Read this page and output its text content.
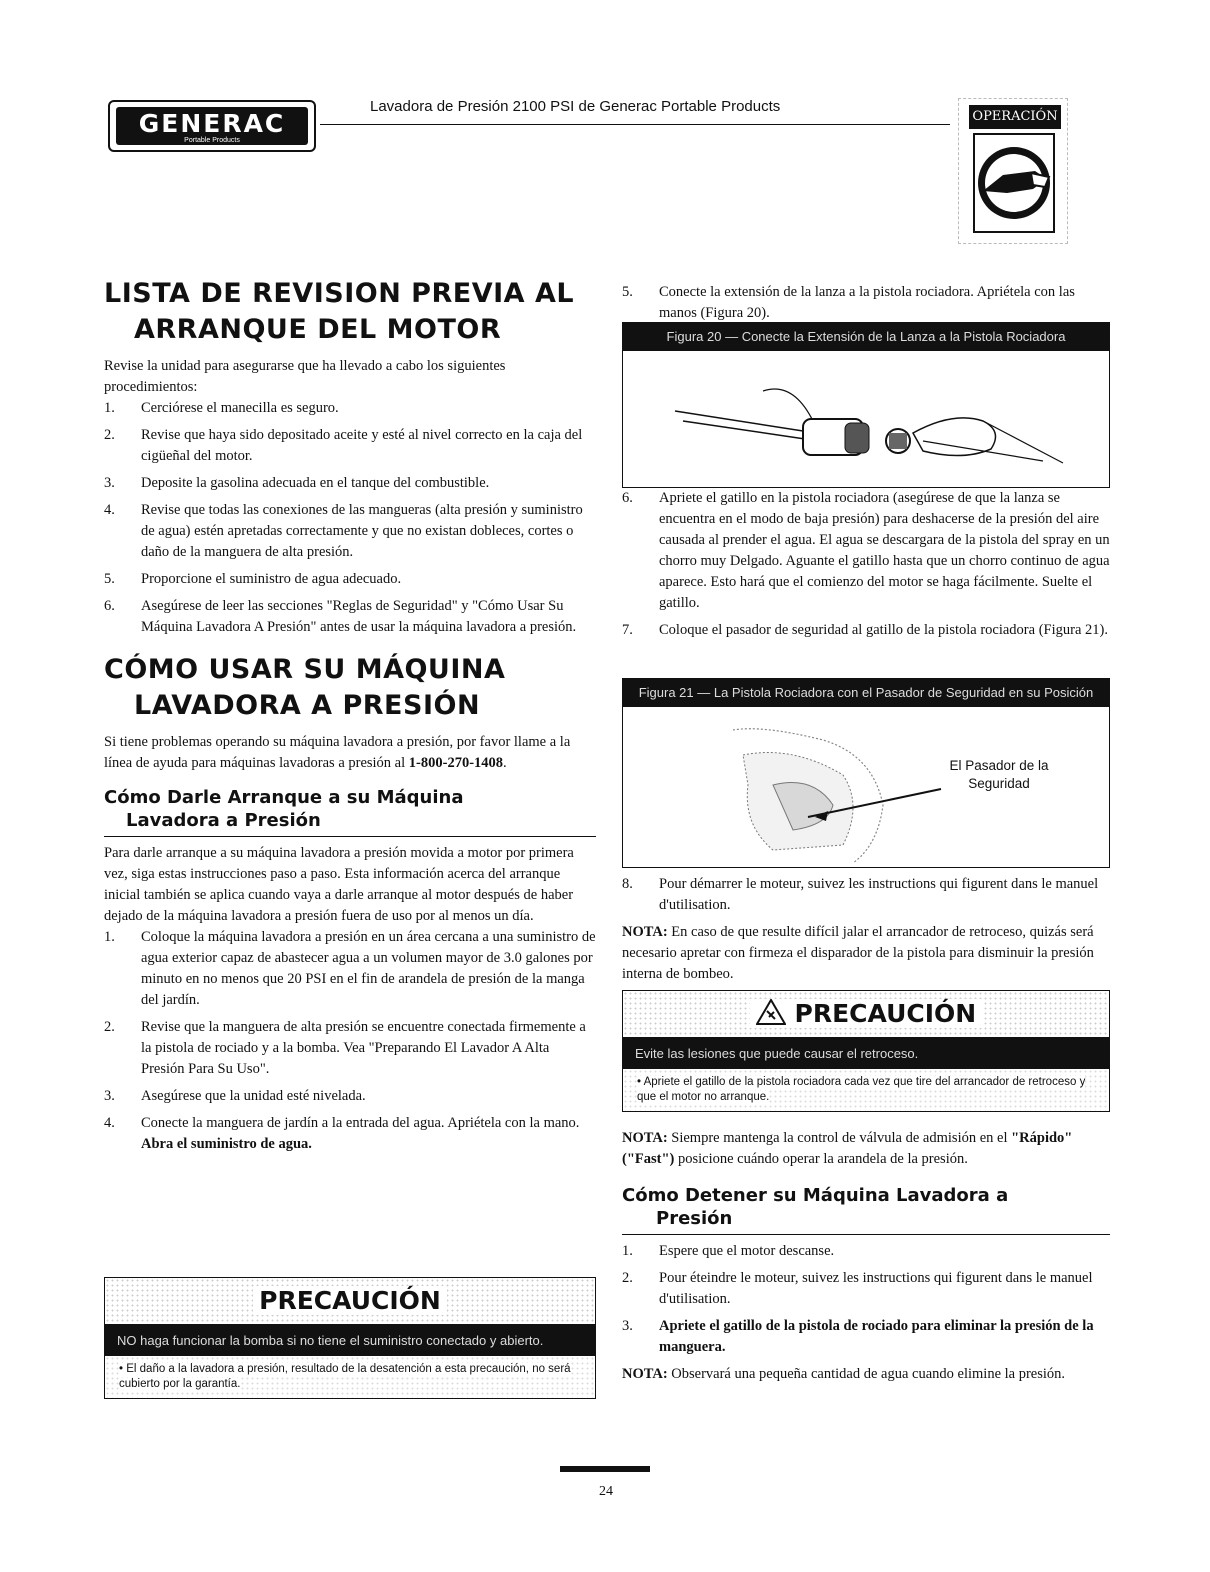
GENERAC
Portable Products
Lavadora de Presión 2100 PSI de Generac Portable Products
OPERACIÓN
LISTA DE REVISION PREVIA AL
ARRANQUE DEL MOTOR

Revise la unidad para asegurarse que ha llevado a cabo los siguientes procedimientos:

1. Cerciórese el manecilla es seguro.
2. Revise que haya sido depositado aceite y esté al nivel correcto en la caja del cigüeñal del motor.
3. Deposite la gasolina adecuada en el tanque del combustible.
4. Revise que todas las conexiones de las mangueras (alta presión y suministro de agua) estén apretadas correctamente y que no existan dobleces, cortes o daño de la manguera de alta presión.
5. Proporcione el suministro de agua adecuado.
6. Asegúrese de leer las secciones "Reglas de Seguridad" y "Cómo Usar Su Máquina Lavadora A Presión" antes de usar la máquina lavadora a presión.
CÓMO USAR SU MÁQUINA
LAVADORA A PRESIÓN

Si tiene problemas operando su máquina lavadora a presión, por favor llame a la línea de ayuda para máquinas lavadoras a presión al 1-800-270-1408.

Cómo Darle Arranque a su Máquina
Lavadora a Presión

Para darle arranque a su máquina lavadora a presión movida a motor por primera vez, siga estas instrucciones paso a paso. Esta información acerca del arranque inicial también se aplica cuando vaya a darle arranque al motor después de haber dejado de la máquina lavadora a presión fuera de uso por al menos un día.

1. Coloque la máquina lavadora a presión en un área cercana a una suministro de agua exterior capaz de abastecer agua a un volumen mayor de 3.0 galones por minuto en no menos que 20 PSI en el fin de arandela de presión de la manga del jardín.
2. Revise que la manguera de alta presión se encuentre conectada firmemente a la pistola de rociado y a la bomba. Vea "Preparando El Lavador A Alta Presión Para Su Uso".
3. Asegúrese que la unidad esté nivelada.
4. Conecte la manguera de jardín a la entrada del agua. Apriétela con la mano. Abra el suministro de agua.
PRECAUCIÓN
NO haga funcionar la bomba si no tiene el suministro conectado y abierto.
• El daño a la lavadora a presión, resultado de la desatención a esta precaución, no será cubierto por la garantía.
5. Conecte la extensión de la lanza a la pistola rociadora. Apriétela con las manos (Figura 20).
Figura 20 — Conecte la Extensión de la Lanza a la Pistola Rociadora
6. Apriete el gatillo en la pistola rociadora (asegúrese de que la lanza se encuentra en el modo de baja presión) para deshacerse de la presión del aire causada al prender el agua. El agua se descargara de la pistola del spray en un chorro muy Delgado. Aguante el gatillo hasta que un chorro continuo de agua aparece. Esto hará que el comienzo del motor se haga fácilmente. Suelte el gatillo.
7. Coloque el pasador de seguridad al gatillo de la pistola rociadora (Figura 21).
Figura 21 — La Pistola Rociadora con el Pasador de Seguridad en su Posición
El Pasador de la Seguridad
8. Pour démarrer le moteur, suivez les instructions qui figurent dans le manuel d'utilisation.

NOTA: En caso de que resulte difícil jalar el arrancador de retroceso, quizás será necesario apretar con firmeza el disparador de la pistola para disminuir la presión interna de bombeo.

PRECAUCIÓN
Evite las lesiones que puede causar el retroceso.
• Apriete el gatillo de la pistola rociadora cada vez que tire del arrancador de retroceso y que el motor no arranque.

NOTA: Siempre mantenga la control de válvula de admisión en el "Rápido" ("Fast") posicione cuándo operar la arandela de la presión.

Cómo Detener su Máquina Lavadora a
Presión
1. Espere que el motor descanse.
2. Pour éteindre le moteur, suivez les instructions qui figurent dans le manuel d'utilisation.
3. Apriete el gatillo de la pistola de rociado para eliminar la presión de la manguera.

NOTA: Observará una pequeña cantidad de agua cuando elimine la presión.

24
